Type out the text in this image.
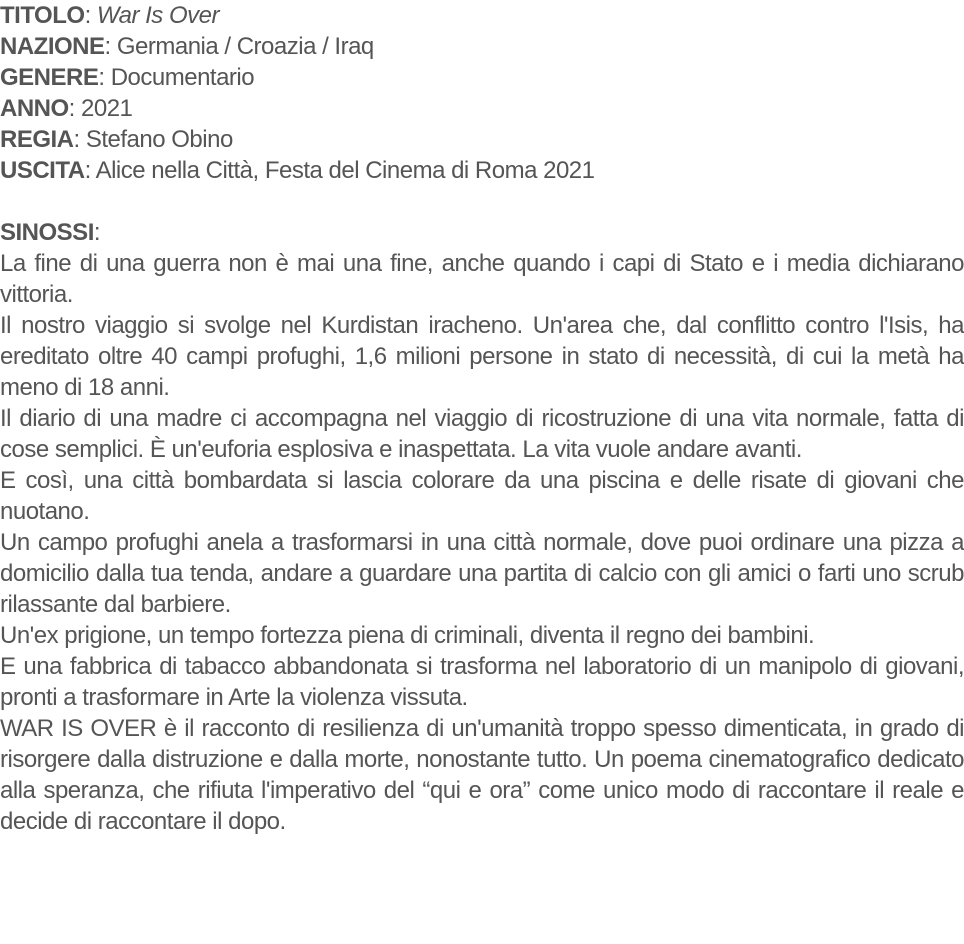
TITOLO: War Is Over
NAZIONE: Germania / Croazia / Iraq
GENERE: Documentario
ANNO: 2021
REGIA: Stefano Obino
USCITA: Alice nella Città, Festa del Cinema di Roma 2021
SINOSSI:

La fine di una guerra non è mai una fine, anche quando i capi di Stato e i media dichiarano vittoria.

Il nostro viaggio si svolge nel Kurdistan iracheno. Un'area che, dal conflitto contro l'Isis, ha ereditato oltre 40 campi profughi, 1,6 milioni persone in stato di necessità, di cui la metà ha meno di 18 anni.

Il diario di una madre ci accompagna nel viaggio di ricostruzione di una vita normale, fatta di cose semplici. È un'euforia esplosiva e inaspettata. La vita vuole andare avanti.

E così, una città bombardata si lascia colorare da una piscina e delle risate di giovani che nuotano.

Un campo profughi anela a trasformarsi in una città normale, dove puoi ordinare una pizza a domicilio dalla tua tenda, andare a guardare una partita di calcio con gli amici o farti uno scrub rilassante dal barbiere.

Un'ex prigione, un tempo fortezza piena di criminali, diventa il regno dei bambini.

E una fabbrica di tabacco abbandonata si trasforma nel laboratorio di un manipolo di giovani, pronti a trasformare in Arte la violenza vissuta.

WAR IS OVER è il racconto di resilienza di un'umanità troppo spesso dimenticata, in grado di risorgere dalla distruzione e dalla morte, nonostante tutto. Un poema cinematografico dedicato alla speranza, che rifiuta l'imperativo del “qui e ora” come unico modo di raccontare il reale e decide di raccontare il dopo.
